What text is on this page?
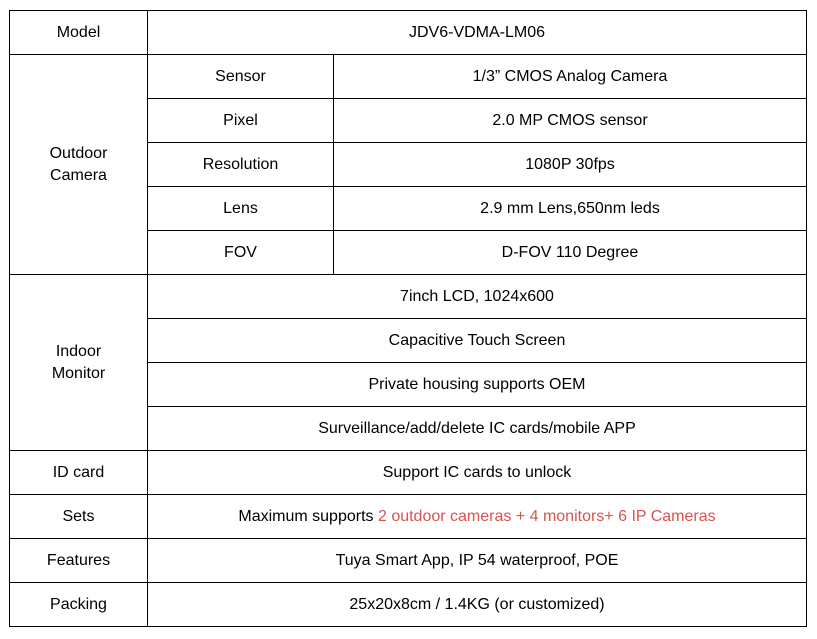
Model	JDV6-VDMA-LM06	
Outdoor
Camera	Sensor	1/3” CMOS Analog Camera
	Pixel	2.0 MP CMOS sensor
	Resolution	1080P 30fps
	Lens	2.9 mm Lens,650nm leds
	FOV	D-FOV 110 Degree
Indoor
Monitor	7inch LCD, 1024x600	
	Capacitive Touch Screen	
	Private housing supports OEM	
	Surveillance/add/delete IC cards/mobile APP	
ID card	Support IC cards to unlock	
Sets	Maximum supports 2 outdoor cameras + 4 monitors+ 6 IP Cameras	
Features	Tuya Smart App, IP 54 waterproof, POE	
Packing	25x20x8cm / 1.4KG (or customized)	
